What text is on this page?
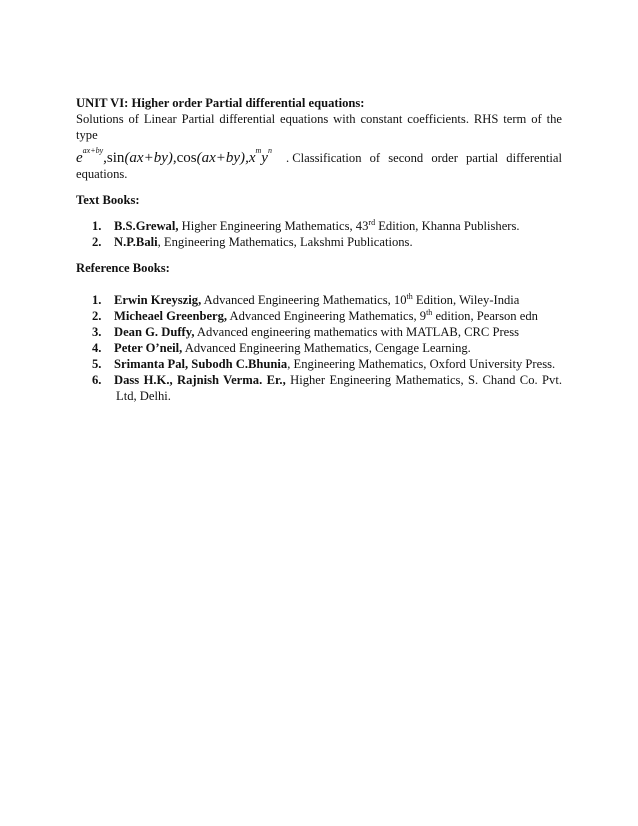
UNIT VI: Higher order Partial differential equations:
Solutions of Linear Partial differential equations with constant coefficients. RHS term of the type
$e^{ax+by},\sin(ax+by),\cos(ax+by),x^my^n$
. Classification of second order partial differential
equations.
Text Books:
1. B.S.Grewal, Higher Engineering Mathematics, 43rd Edition, Khanna Publishers.
2. N.P.Bali, Engineering Mathematics, Lakshmi Publications.
Reference Books:
1. Erwin Kreyszig, Advanced Engineering Mathematics, 10th Edition, Wiley-India
2. Micheael Greenberg, Advanced Engineering Mathematics, 9th edition, Pearson edn
3. Dean G. Duffy, Advanced engineering mathematics with MATLAB, CRC Press
4. Peter O’neil, Advanced Engineering Mathematics, Cengage Learning.
5. Srimanta Pal, Subodh C.Bhunia, Engineering Mathematics, Oxford University Press.
6. Dass H.K., Rajnish Verma. Er., Higher Engineering Mathematics, S. Chand Co. Pvt. Ltd, Delhi.
